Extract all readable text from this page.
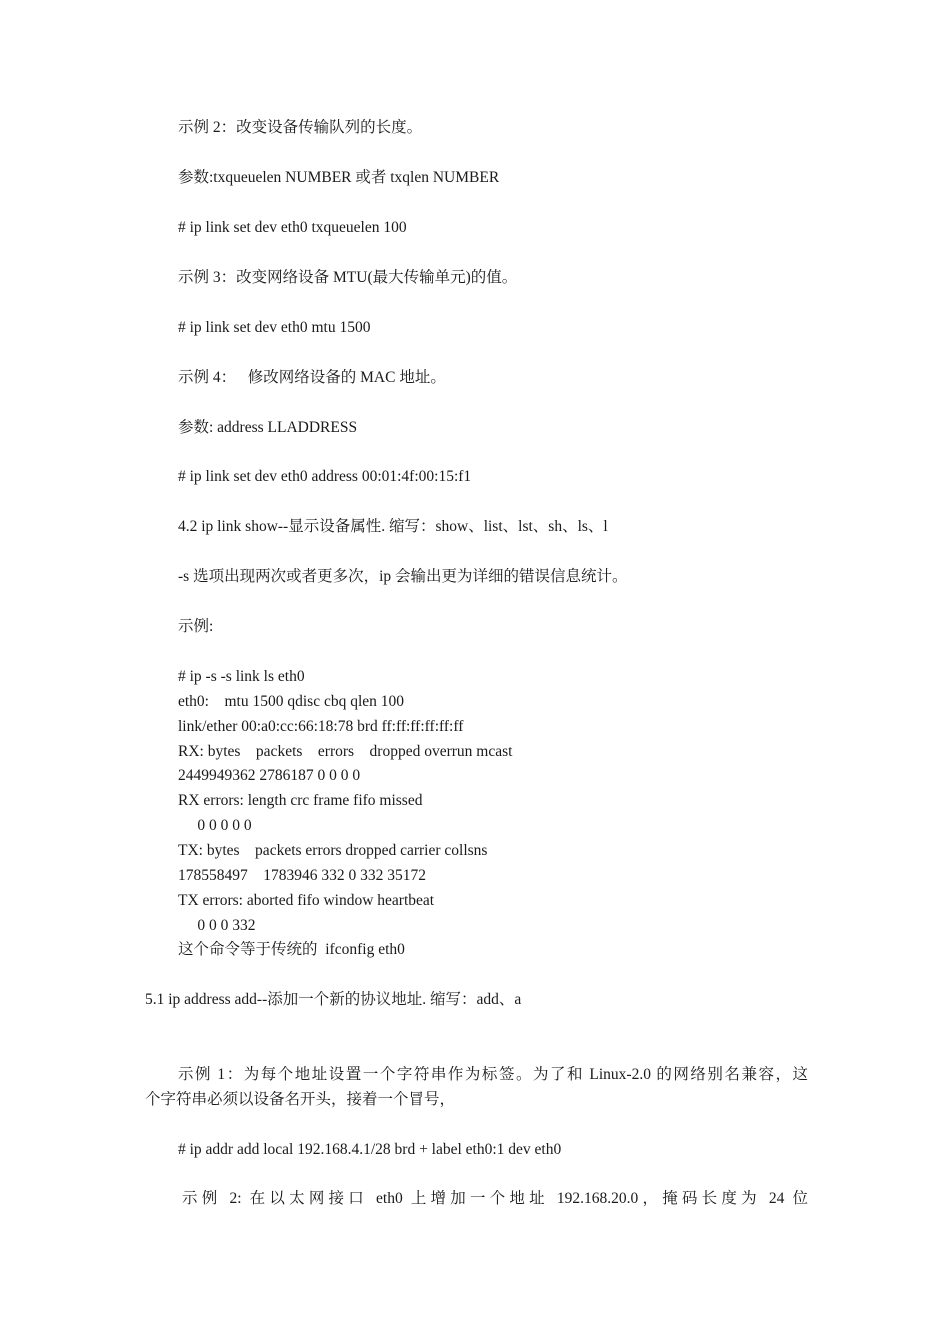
示例 2：改变设备传输队列的长度。
参数:txqueuelen NUMBER 或者 txqlen NUMBER
# ip link set dev eth0 txqueuelen 100
示例 3：改变网络设备 MTU(最大传输单元)的值。
# ip link set dev eth0 mtu 1500
示例 4：   修改网络设备的 MAC 地址。
参数: address LLADDRESS
# ip link set dev eth0 address 00:01:4f:00:15:f1
4.2 ip link show--显示设备属性. 缩写：show、list、lst、sh、ls、l
-s 选项出现两次或者更多次，ip 会输出更为详细的错误信息统计。
示例:
# ip -s -s link ls eth0
eth0:    mtu 1500 qdisc cbq qlen 100
link/ether 00:a0:cc:66:18:78 brd ff:ff:ff:ff:ff:ff
RX: bytes    packets    errors    dropped overrun mcast
2449949362 2786187 0 0 0 0
RX errors: length crc frame fifo missed
0 0 0 0 0
TX: bytes    packets errors dropped carrier collsns
178558497    1783946 332 0 332 35172
TX errors: aborted fifo window heartbeat
0 0 0 332
这个命令等于传统的  ifconfig eth0
5.1 ip address add--添加一个新的协议地址. 缩写：add、a
示例 1：为每个地址设置一个字符串作为标签。为了和 Linux-2.0 的网络别名兼容，这
个字符串必须以设备名开头，接着一个冒号，
# ip addr add local 192.168.4.1/28 brd + label eth0:1 dev eth0
示例 2: 在以太网接口 eth0 上增加一个地址 192.168.20.0，掩码长度为 24 位
